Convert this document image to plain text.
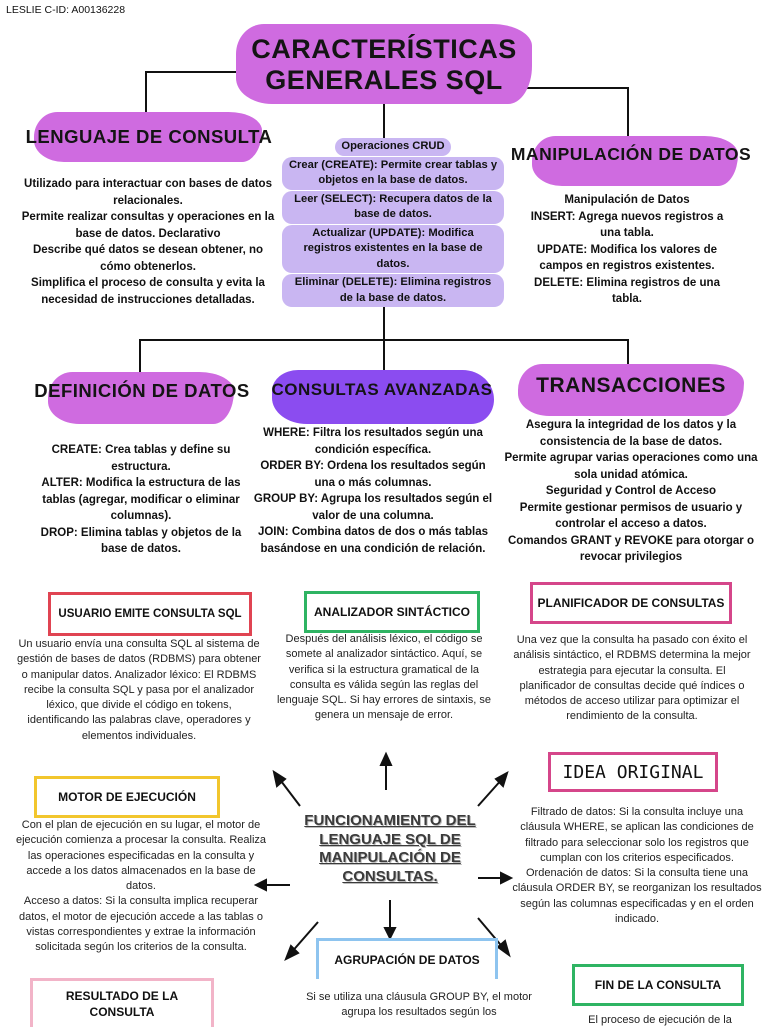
LESLIE C-ID: A00136228
CARACTERÍSTICAS
GENERALES SQL
LENGUAJE DE CONSULTA
Utilizado para interactuar con bases de datos relacionales.
Permite realizar consultas y operaciones en la base de datos. Declarativo
Describe qué datos se desean obtener, no cómo obtenerlos.
Simplifica el proceso de consulta y evita la necesidad de instrucciones detalladas.
Operaciones CRUD Crear (CREATE): Permite crear tablas y objetos en la base de datos. Leer (SELECT): Recupera datos de la base de datos. Actualizar (UPDATE): Modifica registros existentes en la base de datos. Eliminar (DELETE): Elimina registros de la base de datos.
MANIPULACIÓN DE DATOS
Manipulación de Datos
INSERT: Agrega nuevos registros a una tabla.
UPDATE: Modifica los valores de campos en registros existentes.
DELETE: Elimina registros de una tabla.
DEFINICIÓN DE DATOS
CREATE: Crea tablas y define su estructura.
ALTER: Modifica la estructura de las tablas (agregar, modificar o eliminar columnas).
DROP: Elimina tablas y objetos de la base de datos.
CONSULTAS AVANZADAS
WHERE: Filtra los resultados según una condición específica.
ORDER BY: Ordena los resultados según una o más columnas.
GROUP BY: Agrupa los resultados según el valor de una columna.
JOIN: Combina datos de dos o más tablas basándose en una condición de relación.
TRANSACCIONES
Asegura la integridad de los datos y la consistencia de la base de datos.
Permite agrupar varias operaciones como una sola unidad atómica.
Seguridad y Control de Acceso
Permite gestionar permisos de usuario y controlar el acceso a datos.
Comandos GRANT y REVOKE para otorgar o revocar privilegios
USUARIO EMITE CONSULTA SQL
Un usuario envía una consulta SQL al sistema de gestión de bases de datos (RDBMS) para obtener o manipular datos. Analizador léxico: El RDBMS recibe la consulta SQL y pasa por el analizador léxico, que divide el código en tokens, identificando las palabras clave, operadores y elementos individuales.
ANALIZADOR SINTÁCTICO
Después del análisis léxico, el código se somete al analizador sintáctico. Aquí, se verifica si la estructura gramatical de la consulta es válida según las reglas del lenguaje SQL. Si hay errores de sintaxis, se genera un mensaje de error.
PLANIFICADOR DE CONSULTAS
Una vez que la consulta ha pasado con éxito el análisis sintáctico, el RDBMS determina la mejor estrategia para ejecutar la consulta. El planificador de consultas decide qué índices o métodos de acceso utilizar para optimizar el rendimiento de la consulta.
IDEA ORIGINAL
Filtrado de datos: Si la consulta incluye una cláusula WHERE, se aplican las condiciones de filtrado para seleccionar solo los registros que cumplan con los criterios especificados.
Ordenación de datos: Si la consulta tiene una cláusula ORDER BY, se reorganizan los resultados según las columnas especificadas y en el orden indicado.
MOTOR DE EJECUCIÓN
Con el plan de ejecución en su lugar, el motor de ejecución comienza a procesar la consulta. Realiza las operaciones especificadas en la consulta y accede a los datos almacenados en la base de datos.
Acceso a datos: Si la consulta implica recuperar datos, el motor de ejecución accede a las tablas o vistas correspondientes y extrae la información solicitada según los criterios de la consulta.
FUNCIONAMIENTO DEL LENGUAJE SQL DE MANIPULACIÓN DE CONSULTAS.
RESULTADO DE LA CONSULTA
AGRUPACIÓN DE DATOS
Si se utiliza una cláusula GROUP BY, el motor agrupa los resultados según los
FIN DE LA CONSULTA
El proceso de ejecución de la
